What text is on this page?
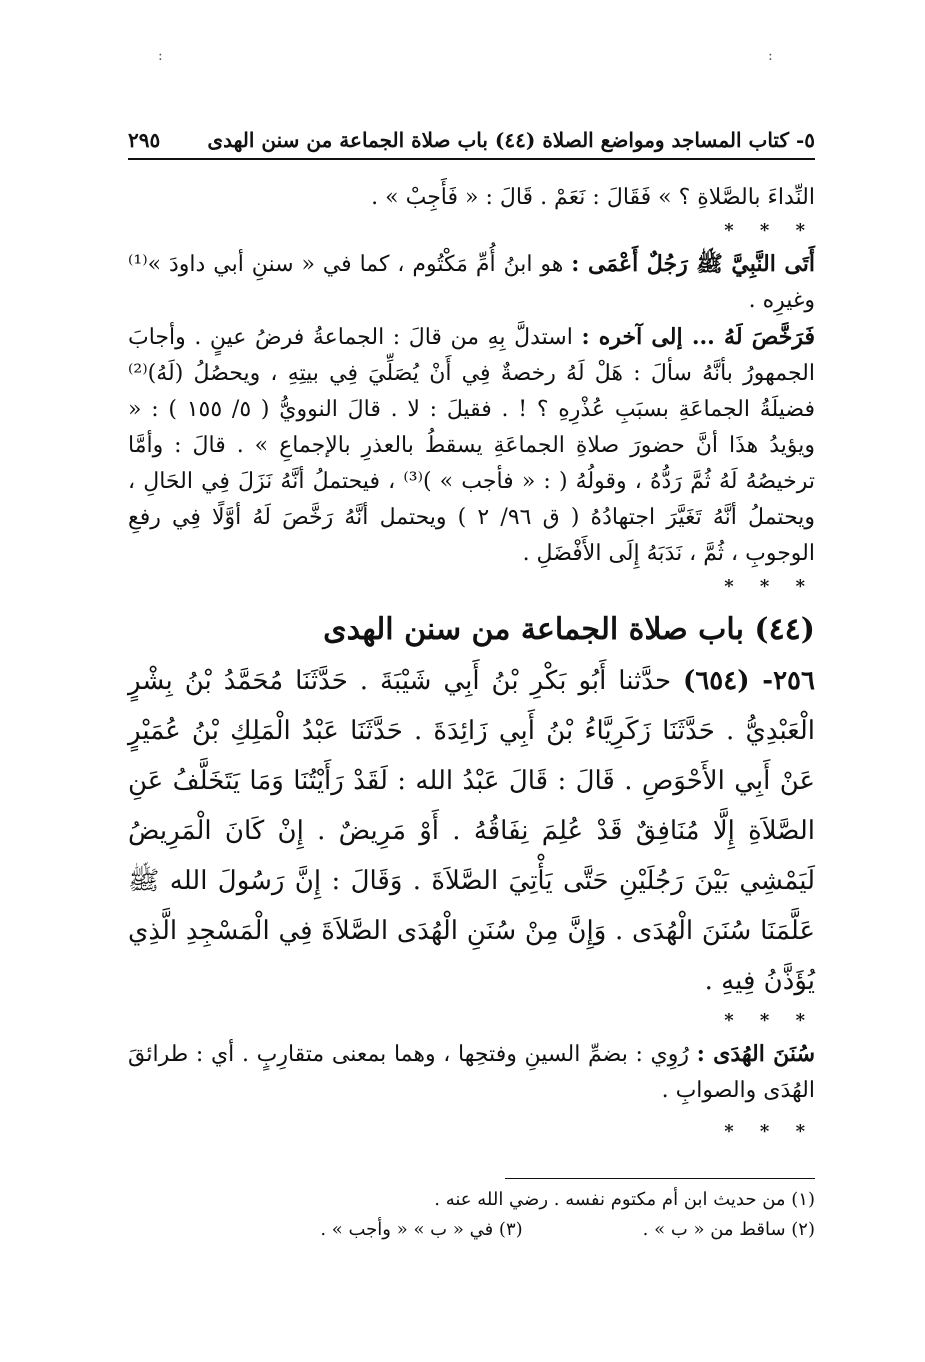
:	:
٥- كتاب المساجد ومواضع الصلاة (٤٤) باب صلاة الجماعة من سنن الهدى
٢٩٥

النِّداءَ بالصَّلاةِ ؟ » فَقَالَ : نَعَمْ . قَالَ : « فَأَجِبْ » .

* * *

أَتَى النَّبِيَّ ﷺ رَجُلٌ أَعْمَى : هو ابنُ أُمِّ مَكْتُوم ، كما في « سننِ أبي داودَ »⁽¹⁾ وغيرِه .

فَرَخَّصَ لَهُ ... إلى آخره : استدلَّ بِهِ من قالَ : الجماعةُ فرضُ عينٍ . وأجابَ الجمهورُ بأنَّهُ سألَ : هَلْ لَهُ رخصةٌ فِي أَنْ يُصَلِّيَ فِي بيتِهِ ، ويحصُلُ (لَهُ)⁽²⁾ فضيلَةُ الجماعَةِ بسبَبِ عُذْرِهِ ؟ ! . فقيلَ : لا . قالَ النوويُّ ( ٥/ ١٥٥ ) : « ويؤيدُ هذَا أنَّ حضورَ صلاةِ الجماعَةِ يسقطُ بالعذرِ بالإجماعِ » . قالَ : وأمَّا ترخيصُهُ لَهُ ثُمَّ رَدُّهُ ، وقولُهُ ( : « فأجب » )⁽³⁾ ، فيحتملُ أنَّهُ نَزَلَ فِي الحَالِ ، ويحتملُ أنَّهُ تَغَيَّرَ اجتهادُهُ ( ق ٩٦/ ٢ ) ويحتمل أنَّهُ رَخَّصَ لَهُ أوَّلًا فِي رفعِ الوجوبِ ، ثُمَّ ، نَدَبَهُ إِلَى الأَفْضَلِ .

* * *

(٤٤) باب صلاة الجماعة من سنن الهدى

٢٥٦- (٦٥٤) حدَّثنا أَبُو بَكْرِ بْنُ أَبِي شَيْبَةَ . حَدَّثَنَا مُحَمَّدُ بْنُ بِشْرٍ الْعَبْدِيُّ . حَدَّثَنَا زَكَرِيَّاءُ بْنُ أَبِي زَائِدَةَ . حَدَّثَنَا عَبْدُ الْمَلِكِ بْنُ عُمَيْرٍ عَنْ أَبِي الأَحْوَصِ . قَالَ : قَالَ عَبْدُ الله : لَقَدْ رَأَيْتُنَا وَمَا يَتَخَلَّفُ عَنِ الصَّلاَةِ إِلَّا مُنَافِقٌ قَدْ عُلِمَ نِفَاقُهُ . أَوْ مَرِيضٌ . إِنْ كَانَ الْمَرِيضُ لَيَمْشِي بَيْنَ رَجُلَيْنِ حَتَّى يَأْتِيَ الصَّلاَةَ . وَقَالَ : إِنَّ رَسُولَ الله ﷺ عَلَّمَنَا سُنَنَ الْهُدَى . وَإِنَّ مِنْ سُنَنِ الْهُدَى الصَّلاَةَ فِي الْمَسْجِدِ الَّذِي يُؤَذَّنُ فِيهِ .

* * *

سُنَنَ الهُدَى : رُوِي : بضمِّ السينِ وفتحِها ، وهما بمعنى متقارِبٍ . أي : طرائقَ الهُدَى والصوابِ .

* * *

(١) من حديث ابن أم مكتوم نفسه . رضي الله عنه .
(٢) ساقط من « ب » .
(٣) في « ب » « وأجب » .
